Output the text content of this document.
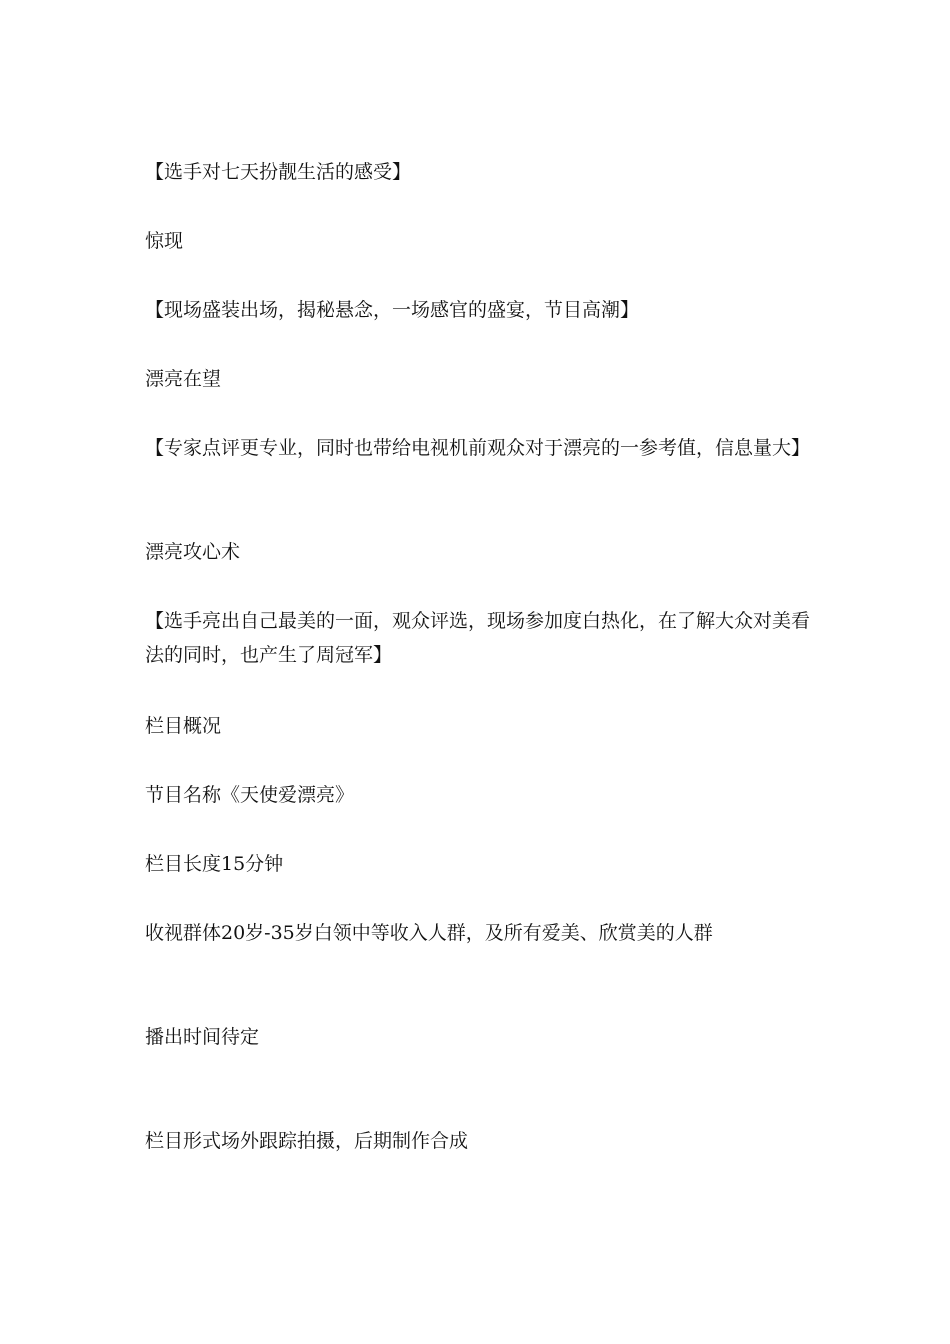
【选手对七天扮靓生活的感受】

惊现

【现场盛装出场，揭秘悬念，一场感官的盛宴，节目高潮】

漂亮在望

【专家点评更专业，同时也带给电视机前观众对于漂亮的一参考值，信息量大】

漂亮攻心术

【选手亮出自己最美的一面，观众评选，现场参加度白热化，在了解大众对美看法的同时，也产生了周冠军】

栏目概况

节目名称《天使爱漂亮》

栏目长度15分钟

收视群体20岁-35岁白领中等收入人群，及所有爱美、欣赏美的人群

播出时间待定

栏目形式场外跟踪拍摄，后期制作合成
